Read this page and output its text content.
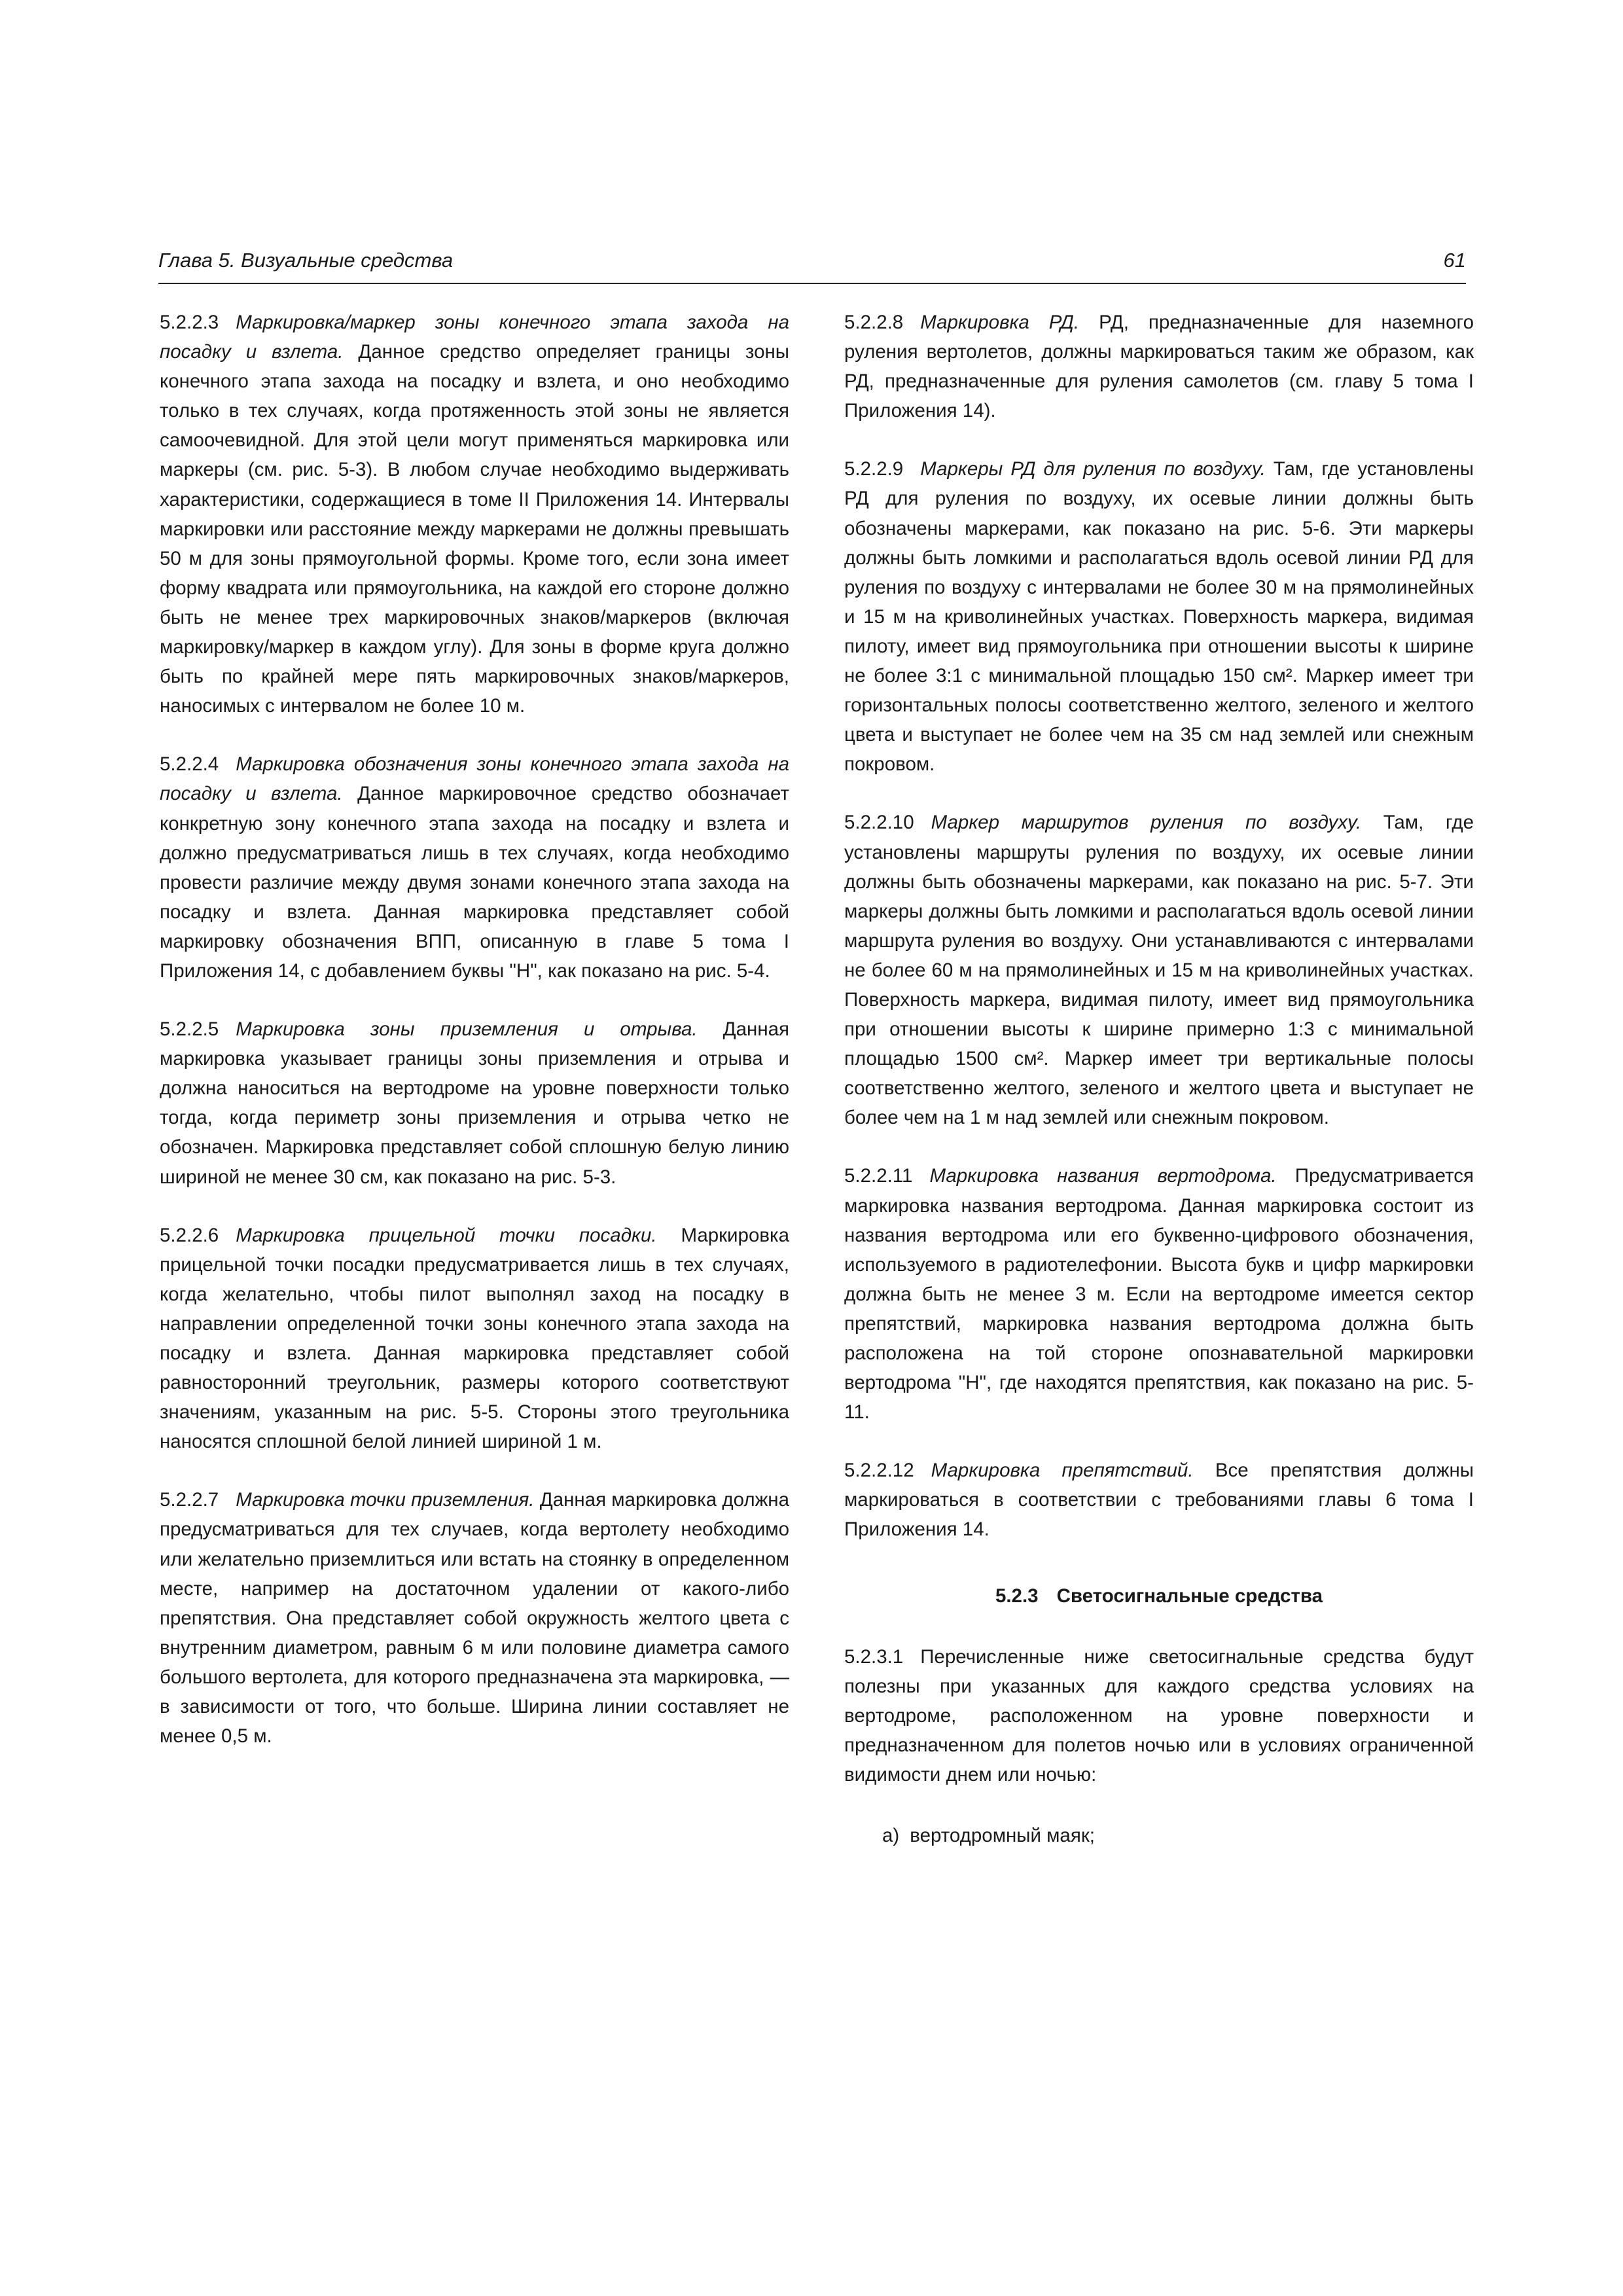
Глава 5. Визуальные средства	61

5.2.2.3 Маркировка/маркер зоны конечного этапа захода на посадку и взлета. Данное средство определяет границы зоны конечного этапа захода на посадку и взлета, и оно необходимо только в тех случаях, когда протяженность этой зоны не является самоочевидной. Для этой цели могут применяться маркировка или маркеры (см. рис. 5-3). В любом случае необходимо выдерживать характеристики, содержащиеся в томе II Приложения 14. Интервалы маркировки или расстояние между маркерами не должны превышать 50 м для зоны прямоугольной формы. Кроме того, если зона имеет форму квадрата или прямоугольника, на каждой его стороне должно быть не менее трех маркировочных знаков/маркеров (включая маркировку/маркер в каждом углу). Для зоны в форме круга должно быть по крайней мере пять маркировочных знаков/маркеров, наносимых с интервалом не более 10 м.

5.2.2.4 Маркировка обозначения зоны конечного этапа захода на посадку и взлета. Данное маркировочное средство обозначает конкретную зону конечного этапа захода на посадку и взлета и должно предусматриваться лишь в тех случаях, когда необходимо провести различие между двумя зонами конечного этапа захода на посадку и взлета. Данная маркировка представляет собой маркировку обозначения ВПП, описанную в главе 5 тома I Приложения 14, с добавлением буквы "H", как показано на рис. 5-4.

5.2.2.5 Маркировка зоны приземления и отрыва. Данная маркировка указывает границы зоны приземления и отрыва и должна наноситься на вертодроме на уровне поверхности только тогда, когда периметр зоны приземления и отрыва четко не обозначен. Маркировка представляет собой сплошную белую линию шириной не менее 30 см, как показано на рис. 5-3.

5.2.2.6 Маркировка прицельной точки посадки. Маркировка прицельной точки посадки предусматривается лишь в тех случаях, когда желательно, чтобы пилот выполнял заход на посадку в направлении определенной точки зоны конечного этапа захода на посадку и взлета. Данная маркировка представляет собой равносторонний треугольник, размеры которого соответствуют значениям, указанным на рис. 5-5. Стороны этого треугольника наносятся сплошной белой линией шириной 1 м.

5.2.2.7 Маркировка точки приземления. Данная маркировка должна предусматриваться для тех случаев, когда вертолету необходимо или желательно приземлиться или встать на стоянку в определенном месте, например на достаточном удалении от какого-либо препятствия. Она представляет собой окружность желтого цвета с внутренним диаметром, равным 6 м или половине диаметра самого большого вертолета, для которого предназначена эта маркировка, — в зависимости от того, что больше. Ширина линии составляет не менее 0,5 м.

5.2.2.8 Маркировка РД. РД, предназначенные для наземного руления вертолетов, должны маркироваться таким же образом, как РД, предназначенные для руления самолетов (см. главу 5 тома I Приложения 14).

5.2.2.9 Маркеры РД для руления по воздуху. Там, где установлены РД для руления по воздуху, их осевые линии должны быть обозначены маркерами, как показано на рис. 5-6. Эти маркеры должны быть ломкими и располагаться вдоль осевой линии РД для руления по воздуху с интервалами не более 30 м на прямолинейных и 15 м на криволинейных участках. Поверхность маркера, видимая пилоту, имеет вид прямоугольника при отношении высоты к ширине не более 3:1 с минимальной площадью 150 см². Маркер имеет три горизонтальных полосы соответственно желтого, зеленого и желтого цвета и выступает не более чем на 35 см над землей или снежным покровом.

5.2.2.10 Маркер маршрутов руления по воздуху. Там, где установлены маршруты руления по воздуху, их осевые линии должны быть обозначены маркерами, как показано на рис. 5-7. Эти маркеры должны быть ломкими и располагаться вдоль осевой линии маршрута руления во воздуху. Они устанавливаются с интервалами не более 60 м на прямолинейных и 15 м на криволинейных участках. Поверхность маркера, видимая пилоту, имеет вид прямоугольника при отношении высоты к ширине примерно 1:3 с минимальной площадью 1500 см². Маркер имеет три вертикальные полосы соответственно желтого, зеленого и желтого цвета и выступает не более чем на 1 м над землей или снежным покровом.

5.2.2.11 Маркировка названия вертодрома. Предусматривается маркировка названия вертодрома. Данная маркировка состоит из названия вертодрома или его буквенно-цифрового обозначения, используемого в радиотелефонии. Высота букв и цифр маркировки должна быть не менее 3 м. Если на вертодроме имеется сектор препятствий, маркировка названия вертодрома должна быть расположена на той стороне опознавательной маркировки вертодрома "H", где находятся препятствия, как показано на рис. 5-11.

5.2.2.12 Маркировка препятствий. Все препятствия должны маркироваться в соответствии с требованиями главы 6 тома I Приложения 14.

5.2.3 Светосигнальные средства

5.2.3.1 Перечисленные ниже светосигнальные средства будут полезны при указанных для каждого средства условиях на вертодроме, расположенном на уровне поверхности и предназначенном для полетов ночью или в условиях ограниченной видимости днем или ночью:

a) вертодромный маяк;
